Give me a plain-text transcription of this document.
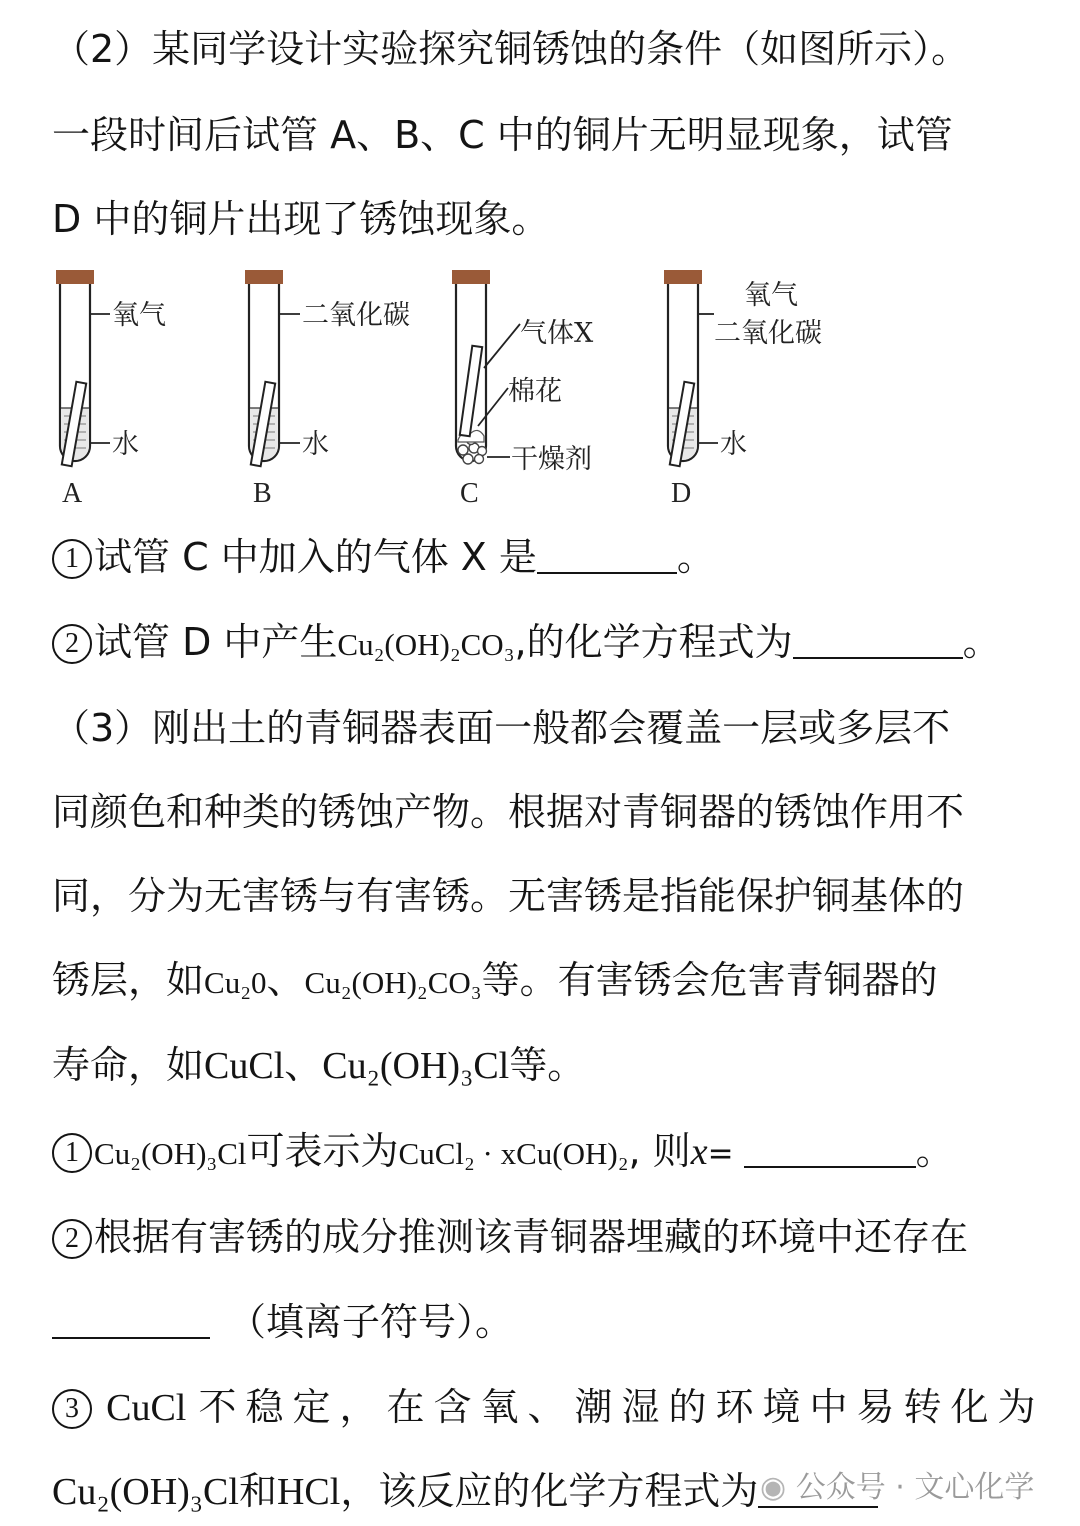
（2）某同学设计实验探究铜锈蚀的条件（如图所示）。
一段时间后试管 A、B、C 中的铜片无明显现象，试管
D 中的铜片出现了锈蚀现象。
氧气
水
A
二氧化碳
水
B
气体X
棉花
干燥剂
C
氧气
二氧化碳
水
D
1 试管 C 中加入的气体 X 是	。
2 试管 D 中产生Cu₂(OH)₂CO₃,的化学方程式为	。
（3）刚出土的青铜器表面一般都会覆盖一层或多层不
同颜色和种类的锈蚀产物。根据对青铜器的锈蚀作用不
同，分为无害锈与有害锈。无害锈是指能保护铜基体的
锈层，如Cu₂0、Cu₂(OH)₂CO₃等。有害锈会危害青铜器的
寿命，如CuCl、Cu₂(OH)₃Cl等。
1 Cu₂(OH)₃Cl可表示为CuCl₂ · xCu(OH)₂, 则x=	。
2 根据有害锈的成分推测该青铜器埋藏的环境中还存在
（填离子符号）。
3 CuCl 不稳定，在含氧、潮湿的环境中易转化为
Cu₂(OH)₃Cl和HCl，该反应的化学方程式为 ◉ 公众号 · 文心化学
